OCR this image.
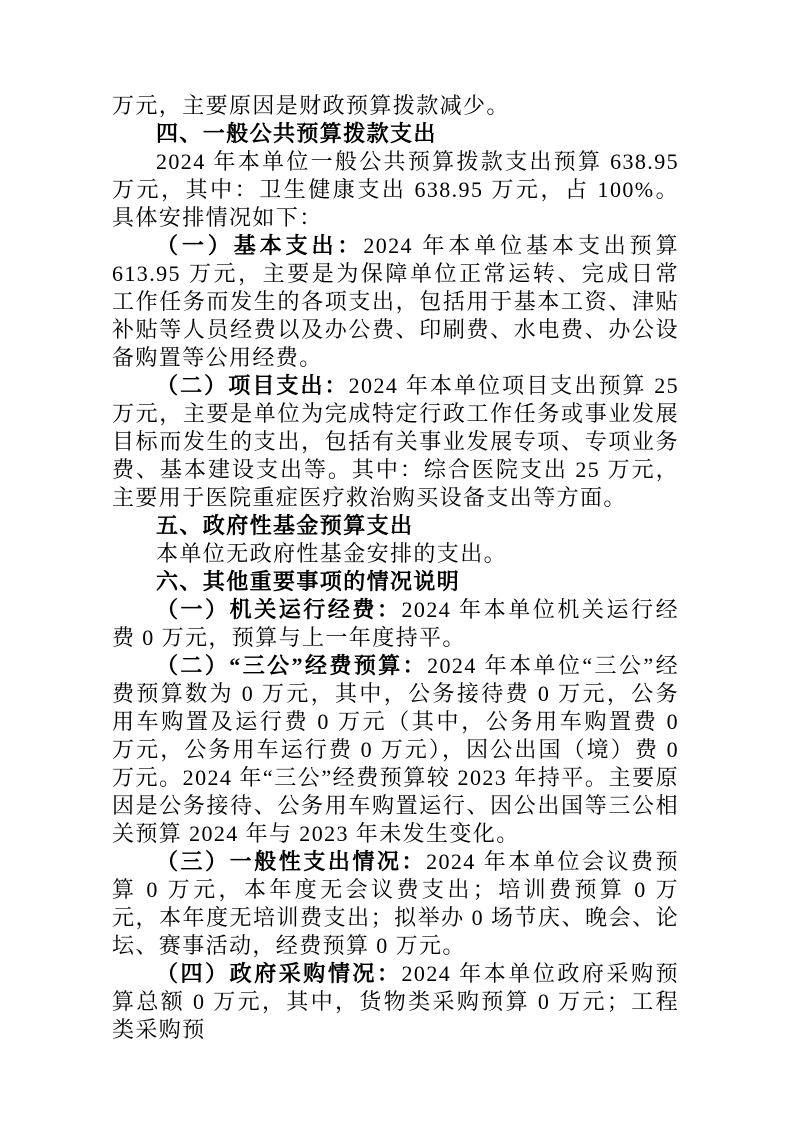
万元，主要原因是财政预算拨款减少。

四、一般公共预算拨款支出

2024 年本单位一般公共预算拨款支出预算 638.95 万元，其中：卫生健康支出 638.95 万元，占 100%。具体安排情况如下：

（一）基本支出：2024 年本单位基本支出预算 613.95 万元，主要是为保障单位正常运转、完成日常工作任务而发生的各项支出，包括用于基本工资、津贴补贴等人员经费以及办公费、印刷费、水电费、办公设备购置等公用经费。

（二）项目支出：2024 年本单位项目支出预算 25 万元，主要是单位为完成特定行政工作任务或事业发展目标而发生的支出，包括有关事业发展专项、专项业务费、基本建设支出等。其中：综合医院支出 25 万元，主要用于医院重症医疗救治购买设备支出等方面。

五、政府性基金预算支出

本单位无政府性基金安排的支出。

六、其他重要事项的情况说明

（一）机关运行经费：2024 年本单位机关运行经费 0 万元，预算与上一年度持平。

（二）“三公”经费预算：2024 年本单位“三公”经费预算数为 0 万元，其中，公务接待费 0 万元，公务用车购置及运行费 0 万元（其中，公务用车购置费 0 万元，公务用车运行费 0 万元），因公出国（境）费 0 万元。2024 年“三公”经费预算较 2023 年持平。主要原因是公务接待、公务用车购置运行、因公出国等三公相关预算 2024 年与 2023 年未发生变化。

（三）一般性支出情况：2024 年本单位会议费预算 0 万元，本年度无会议费支出；培训费预算 0 万元，本年度无培训费支出；拟举办 0 场节庆、晚会、论坛、赛事活动，经费预算 0 万元。

（四）政府采购情况：2024 年本单位政府采购预算总额 0 万元，其中，货物类采购预算 0 万元；工程类采购预
